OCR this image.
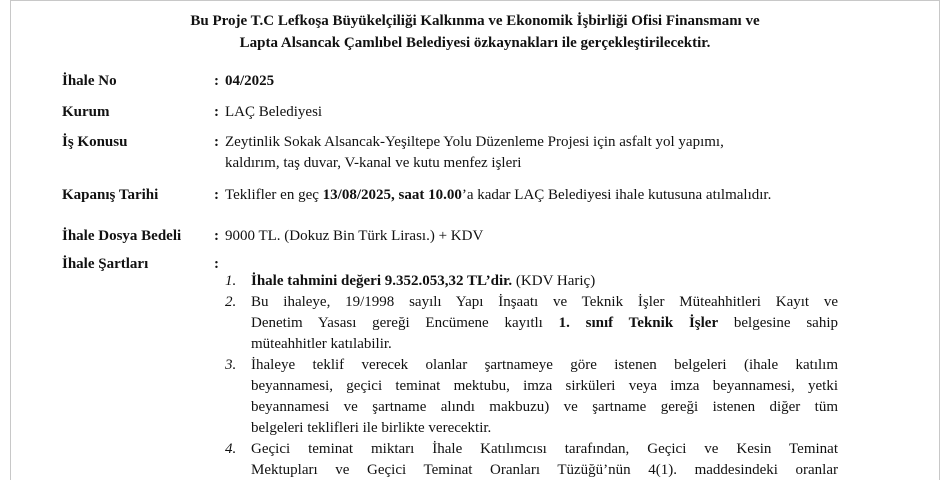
Bu Proje T.C Lefkoşa Büyükelçiliği Kalkınma ve Ekonomik İşbirliği Ofisi Finansmanı ve
Lapta Alsancak Çamlıbel Belediyesi özkaynakları ile gerçekleştirilecektir.
İhale No	: 04/2025
Kurum	: LAÇ Belediyesi
İş Konusu	: Zeytinlik Sokak Alsancak-Yeşiltepe Yolu Düzenleme Projesi için asfalt yol yapımı,
kaldırım, taş duvar, V-kanal ve kutu menfez işleri
Kapanış Tarihi	: Teklifler en geç 13/08/2025, saat 10.00’a kadar LAÇ Belediyesi ihale kutusuna atılmalıdır.
İhale Dosya Bedeli	: 9000 TL. (Dokuz Bin Türk Lirası.) + KDV
İhale Şartları	:
1. İhale tahmini değeri 9.352.053,32 TL’dir. (KDV Hariç)
2. Bu ihaleye, 19/1998 sayılı Yapı İnşaatı ve Teknik İşler Müteahhitleri Kayıt ve
Denetim Yasası gereği Encümene kayıtlı 1. sınıf Teknik İşler belgesine sahip
müteahhitler katılabilir.
3. İhaleye teklif verecek olanlar şartnameye göre istenen belgeleri (ihale katılım
beyannamesi, geçici teminat mektubu, imza sirküleri veya imza beyannamesi, yetki
beyannamesi ve şartname alındı makbuzu) ve şartname gereği istenen diğer tüm
belgeleri teklifleri ile birlikte verecektir.
4. Geçici teminat miktarı İhale Katılımcısı tarafından, Geçici ve Kesin Teminat
Mektupları ve Geçici Teminat Oranları Tüzüğü’nün 4(1). maddesindeki oranlar
